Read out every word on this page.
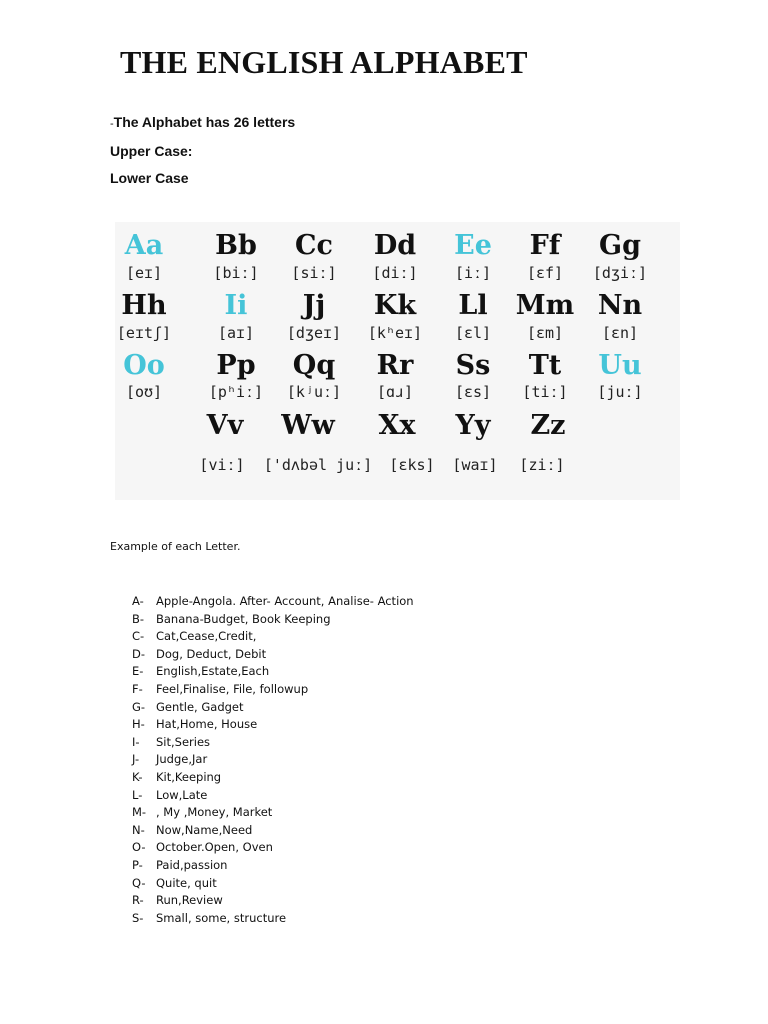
THE ENGLISH ALPHABET

-The Alphabet has 26 letters

Upper Case:

Lower Case

Aa
[eɪ]
Bb
[biː]
Cc
[siː]
Dd
[diː]
Ee
[iː]
Ff
[ɛf]
Gg
[dʒiː]
Hh
[eɪtʃ]
Ii
[aɪ]
Jj
[dʒeɪ]
Kk
[kʰeɪ]
Ll
[ɛl]
Mm
[ɛm]
Nn
[ɛn]
Oo
[oʊ]
Pp
[pʰiː]
Qq
[kʲuː]
Rr
[ɑɹ]
Ss
[ɛs]
Tt
[tiː]
Uu
[juː]
Vv
[viː]
Ww
['dʌbəl juː]
Xx
[ɛks]
Yy
[waɪ]
Zz
[ziː]

Example of each Letter.

A- Apple-Angola. After- Account, Analise- Action
B- Banana-Budget, Book Keeping
C- Cat,Cease,Credit,
D- Dog, Deduct, Debit
E- English,Estate,Each
F- Feel,Finalise, File, followup
G- Gentle, Gadget
H- Hat,Home, House
I- Sit,Series
J- Judge,Jar
K- Kit,Keeping
L- Low,Late
M- , My ,Money, Market
N- Now,Name,Need
O- October.Open, Oven
P- Paid,passion
Q- Quite, quit
R- Run,Review
S- Small, some, structure
